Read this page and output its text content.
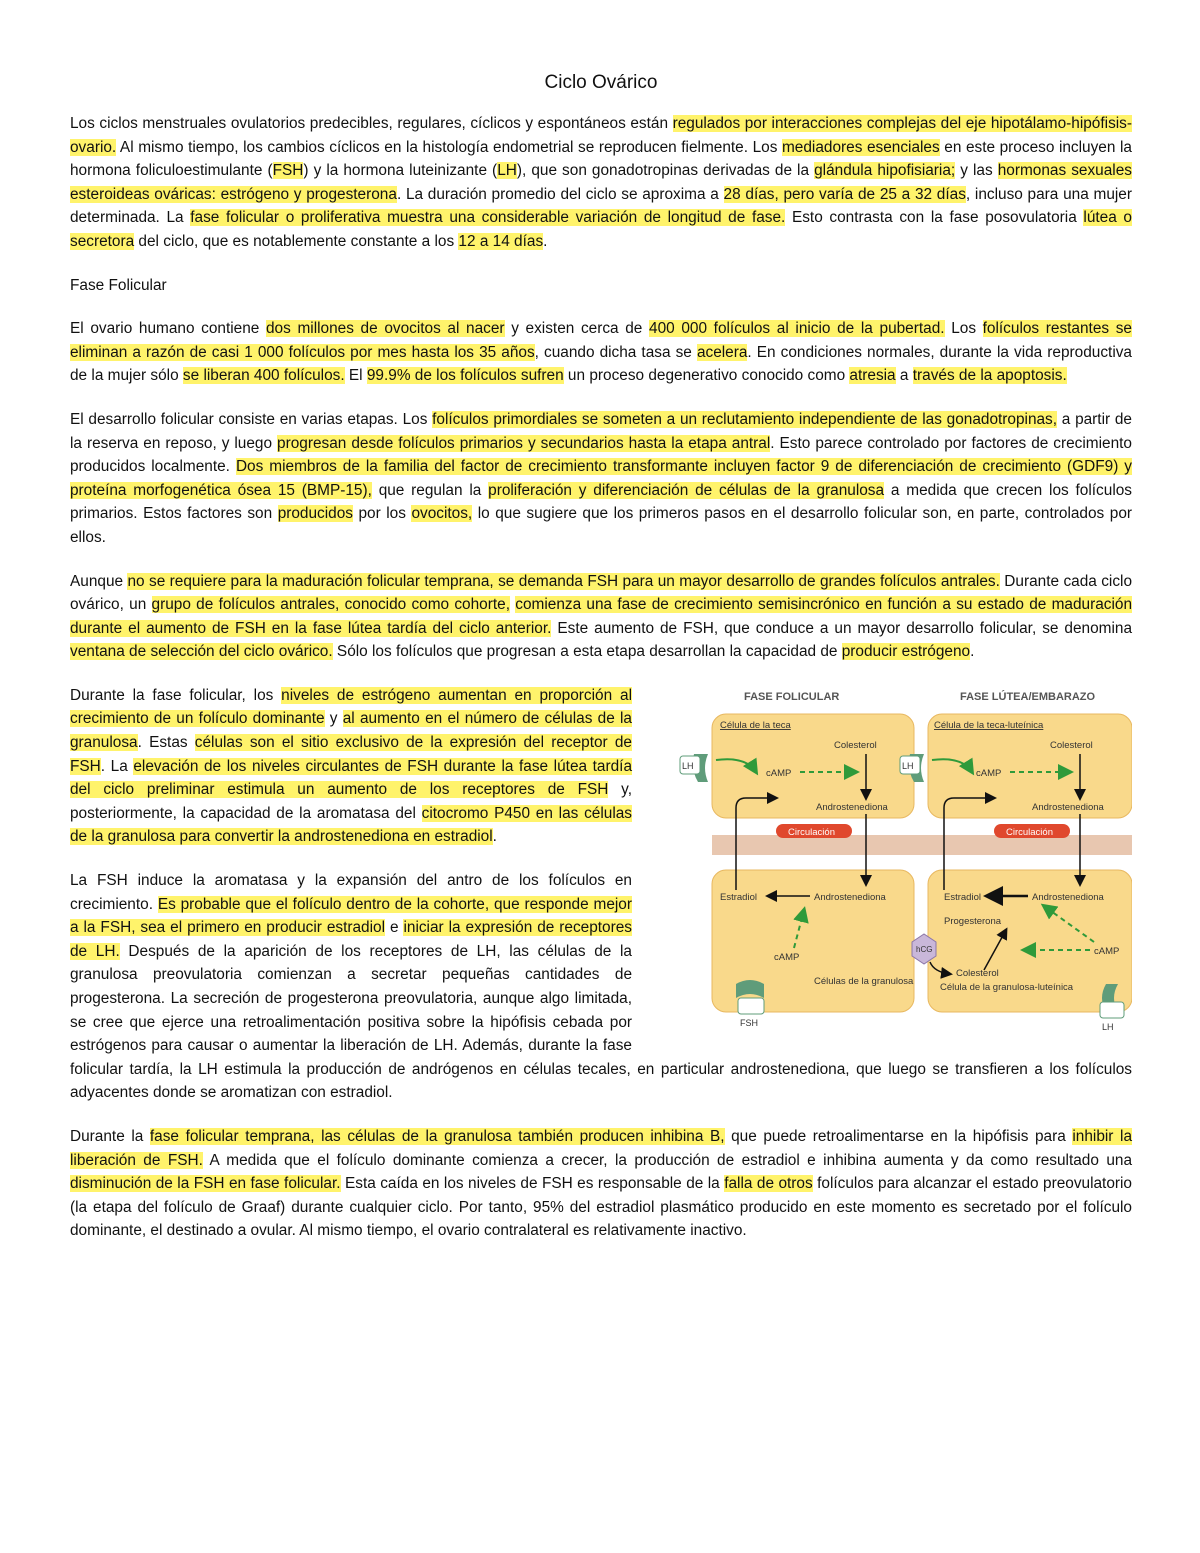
Ciclo Ovárico

Los ciclos menstruales ovulatorios predecibles, regulares, cíclicos y espontáneos están regulados por interacciones complejas del eje hipotálamo-hipófisis-ovario. Al mismo tiempo, los cambios cíclicos en la histología endometrial se reproducen fielmente. Los mediadores esenciales en este proceso incluyen la hormona foliculoestimulante (FSH) y la hormona luteinizante (LH), que son gonadotropinas derivadas de la glándula hipofisiaria; y las hormonas sexuales esteroideas ováricas: estrógeno y progesterona. La duración promedio del ciclo se aproxima a 28 días, pero varía de 25 a 32 días, incluso para una mujer determinada. La fase folicular o proliferativa muestra una considerable variación de longitud de fase. Esto contrasta con la fase posovulatoria lútea o secretora del ciclo, que es notablemente constante a los 12 a 14 días.

Fase Folicular

El ovario humano contiene dos millones de ovocitos al nacer y existen cerca de 400 000 folículos al inicio de la pubertad. Los folículos restantes se eliminan a razón de casi 1 000 folículos por mes hasta los 35 años, cuando dicha tasa se acelera. En condiciones normales, durante la vida reproductiva de la mujer sólo se liberan 400 folículos. El 99.9% de los folículos sufren un proceso degenerativo conocido como atresia a través de la apoptosis.

El desarrollo folicular consiste en varias etapas. Los folículos primordiales se someten a un reclutamiento independiente de las gonadotropinas, a partir de la reserva en reposo, y luego progresan desde folículos primarios y secundarios hasta la etapa antral. Esto parece controlado por factores de crecimiento producidos localmente. Dos miembros de la familia del factor de crecimiento transformante incluyen factor 9 de diferenciación de crecimiento (GDF9) y proteína morfogenética ósea 15 (BMP-15), que regulan la proliferación y diferenciación de células de la granulosa a medida que crecen los folículos primarios. Estos factores son producidos por los ovocitos, lo que sugiere que los primeros pasos en el desarrollo folicular son, en parte, controlados por ellos.

Aunque no se requiere para la maduración folicular temprana, se demanda FSH para un mayor desarrollo de grandes folículos antrales. Durante cada ciclo ovárico, un grupo de folículos antrales, conocido como cohorte, comienza una fase de crecimiento semisincrónico en función a su estado de maduración durante el aumento de FSH en la fase lútea tardía del ciclo anterior. Este aumento de FSH, que conduce a un mayor desarrollo folicular, se denomina ventana de selección del ciclo ovárico. Sólo los folículos que progresan a esta etapa desarrollan la capacidad de producir estrógeno.

FASE FOLICULAR	FASE LÚTEA/EMBARAZO
Célula de la teca
Colesterol
cAMP
Androstenediona
LH
Circulación
Estradiol	Androstenediona
cAMP
Células de la granulosa
FSH
Célula de la teca-luteínica
Colesterol
cAMP
Androstenediona
LH
Circulación
Estradiol	Androstenediona
Progesterona
cAMP
Colesterol
Célula de la granulosa-luteínica
hCG
LH

Durante la fase folicular, los niveles de estrógeno aumentan en proporción al crecimiento de un folículo dominante y al aumento en el número de células de la granulosa. Estas células son el sitio exclusivo de la expresión del receptor de FSH. La elevación de los niveles circulantes de FSH durante la fase lútea tardía del ciclo preliminar estimula un aumento de los receptores de FSH y, posteriormente, la capacidad de la aromatasa del citocromo P450 en las células de la granulosa para convertir la androstenediona en estradiol.

La FSH induce la aromatasa y la expansión del antro de los folículos en crecimiento. Es probable que el folículo dentro de la cohorte, que responde mejor a la FSH, sea el primero en producir estradiol e iniciar la expresión de receptores de LH. Después de la aparición de los receptores de LH, las células de la granulosa preovulatoria comienzan a secretar pequeñas cantidades de progesterona. La secreción de progesterona preovulatoria, aunque algo limitada, se cree que ejerce una retroalimentación positiva sobre la hipófisis cebada por estrógenos para causar o aumentar la liberación de LH. Además, durante la fase folicular tardía, la LH estimula la producción de andrógenos en células tecales, en particular androstenediona, que luego se transfieren a los folículos adyacentes donde se aromatizan con estradiol.

Durante la fase folicular temprana, las células de la granulosa también producen inhibina B, que puede retroalimentarse en la hipófisis para inhibir la liberación de FSH. A medida que el folículo dominante comienza a crecer, la producción de estradiol e inhibina aumenta y da como resultado una disminución de la FSH en fase folicular. Esta caída en los niveles de FSH es responsable de la falla de otros folículos para alcanzar el estado preovulatorio (la etapa del folículo de Graaf) durante cualquier ciclo. Por tanto, 95% del estradiol plasmático producido en este momento es secretado por el folículo dominante, el destinado a ovular. Al mismo tiempo, el ovario contralateral es relativamente inactivo.
